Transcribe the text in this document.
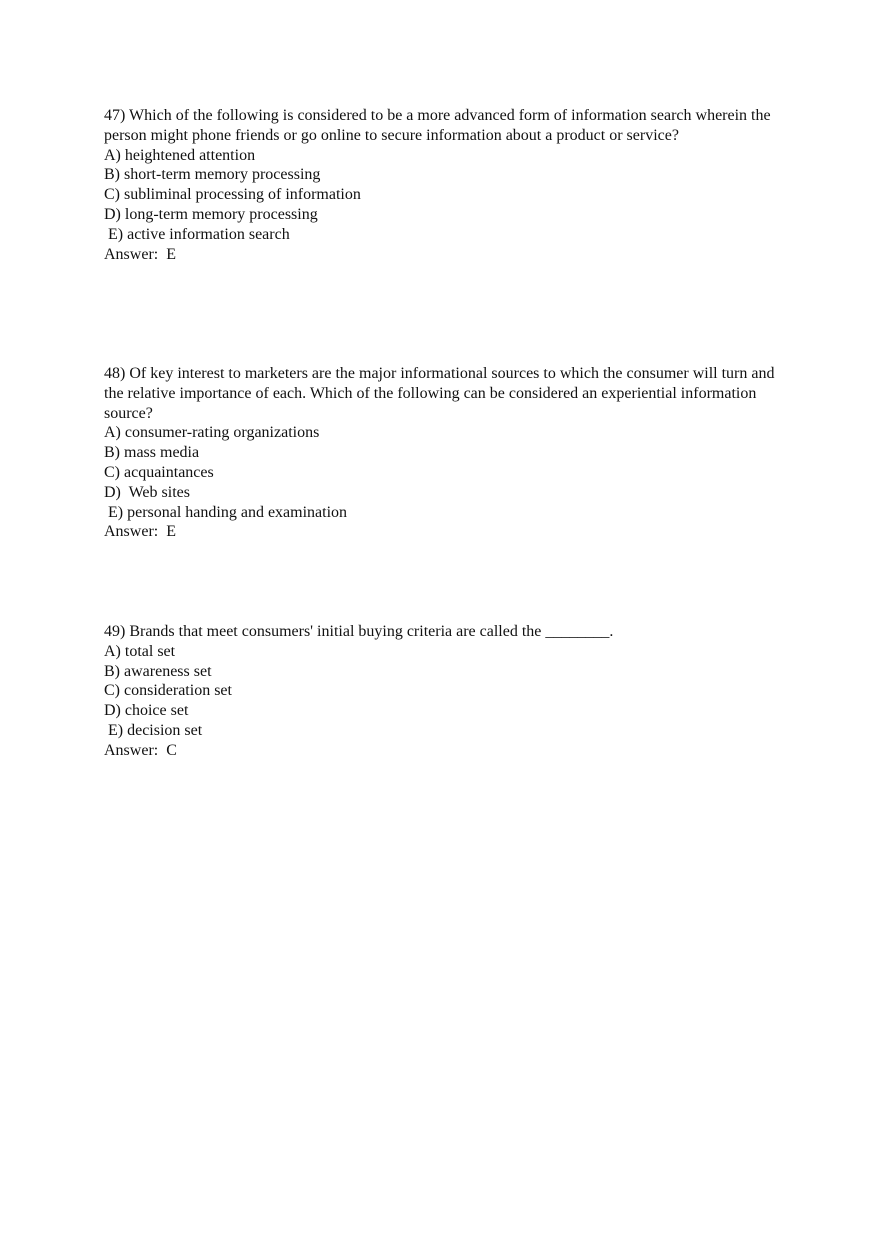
47) Which of the following is considered to be a more advanced form of information search wherein the person might phone friends or go online to secure information about a product or service?

A) heightened attention
B) short-term memory processing
C) subliminal processing of information
D) long-term memory processing
E) active information search

Answer:  E

48) Of key interest to marketers are the major informational sources to which the consumer will turn and the relative importance of each. Which of the following can be considered an experiential information source?

A) consumer-rating organizations
B) mass media
C) acquaintances
D)  Web sites
E) personal handing and examination

Answer:  E

49) Brands that meet consumers' initial buying criteria are called the ________.

A) total set
B) awareness set
C) consideration set
D) choice set
E) decision set

Answer:  C
